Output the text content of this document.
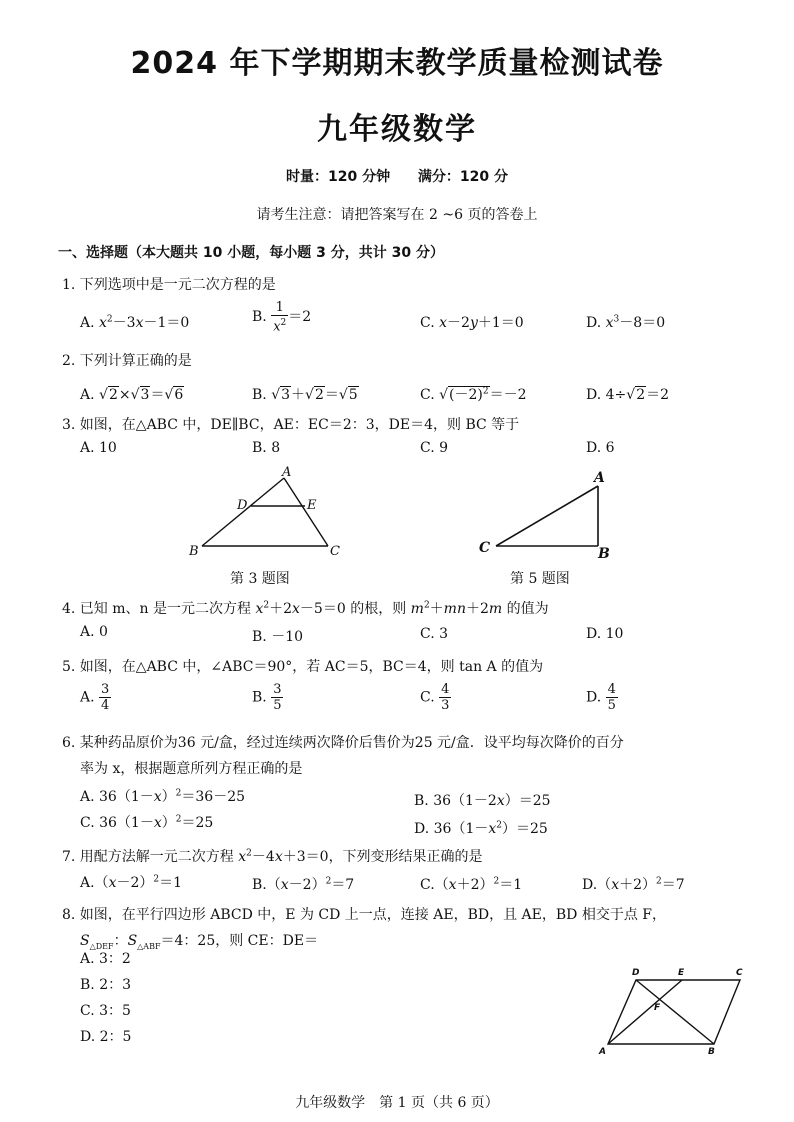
2024 年下学期期末教学质量检测试卷
九年级数学
时量：120 分钟 满分：120 分
请考生注意：请把答案写在 2 ~6 页的答卷上
一、选择题（本大题共 10 小题，每小题 3 分，共计 30 分）
1. 下列选项中是一元二次方程的是
A. $x^2-3x-1=0$	B. $\frac{1}{x^2} =2$	C. x－2y＋1＝0	D. $x^3-8=0$
2. 下列计算正确的是
A. √2×√3＝√6	B. √3＋√2＝√5	C. $√(-2)^2=-2$	D. 4÷√2＝2
3. 如图，在△ABC 中，DE∥BC，AE：EC＝2：3，DE＝4，则 BC 等于
A. 10	B. 8	C. 9	D. 6
A
D	E
B	C
第 3 题图
A
C	B
第 5 题图
4. 已知 m、n 是一元二次方程 $x^2+2x-5=0$ 的根，则 $m^2+mn+2m$ 的值为
A. 0	B. －10	C. 3	D. 10
5. 如图，在△ABC 中，∠ABC＝90°，若 AC＝5，BC＝4，则 tan A 的值为
A. $\frac{3}{4}$	B. $\frac{3}{5}$	C. $\frac{4}{3}$	D. $\frac{4}{5}$
6. 某种药品原价为36 元/盒，经过连续两次降价后售价为25 元/盒．设平均每次降价的百分
率为 x，根据题意所列方程正确的是
A. $36(1-x)^2=36-25$	B. 36（1－2x）＝25
C. $36(1-x)^2=25$	D. $36(1-x^2)=25$
7. 用配方法解一元二次方程 $x^2-4x+3=0$，下列变形结果正确的是
$A.(x-2)^2=1$	$B.(x-2)^2=7$	$C.(x+2)^2=1$	$D.(x+2)^2=7$
8. 如图，在平行四边形 ABCD 中，E 为 CD 上一点，连接 AE，BD，且 AE，BD 相交于点 F，
$S_{\triangle DEF}$：$S_{\triangle ABF}=4$：25，则 CE：DE＝
A. 3：2
B. 2：3
C. 3：5
D. 2：5
D	E	C
F
A	B
九年级数学　第 1 页（共 6 页）
